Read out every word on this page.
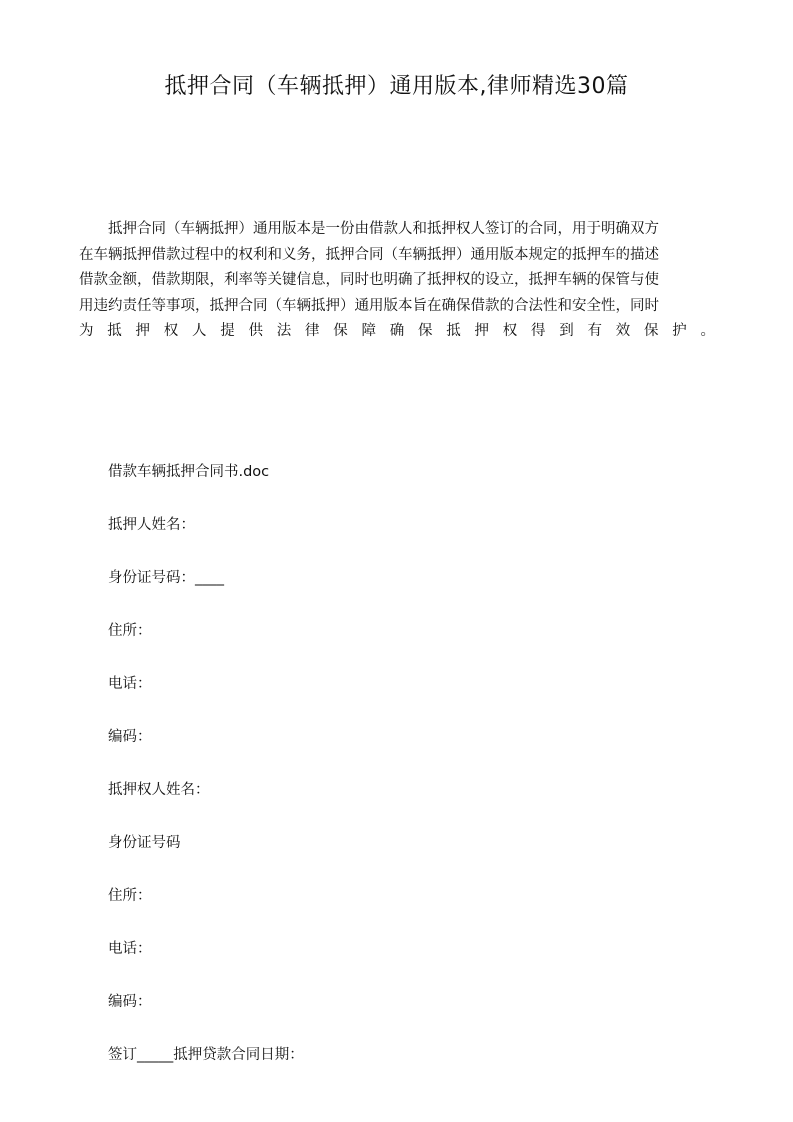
抵押合同（车辆抵押）通用版本,律师精选30篇
抵押合同（车辆抵押）通用版本是一份由借款人和抵押权人签订的合同，用于明确双方
在车辆抵押借款过程中的权利和义务，抵押合同（车辆抵押）通用版本规定的抵押车的描述
借款金额，借款期限，利率等关键信息，同时也明确了抵押权的设立，抵押车辆的保管与使
用违约责任等事项，抵押合同（车辆抵押）通用版本旨在确保借款的合法性和安全性，同时
为抵押权人提供法律保障确保抵押权得到有效保护。

借款车辆抵押合同书.doc

抵押人姓名：

身份证号码：____

住所：

电话：

编码：

抵押权人姓名：

身份证号码

住所：

电话：

编码：

签订_____抵押贷款合同日期：
